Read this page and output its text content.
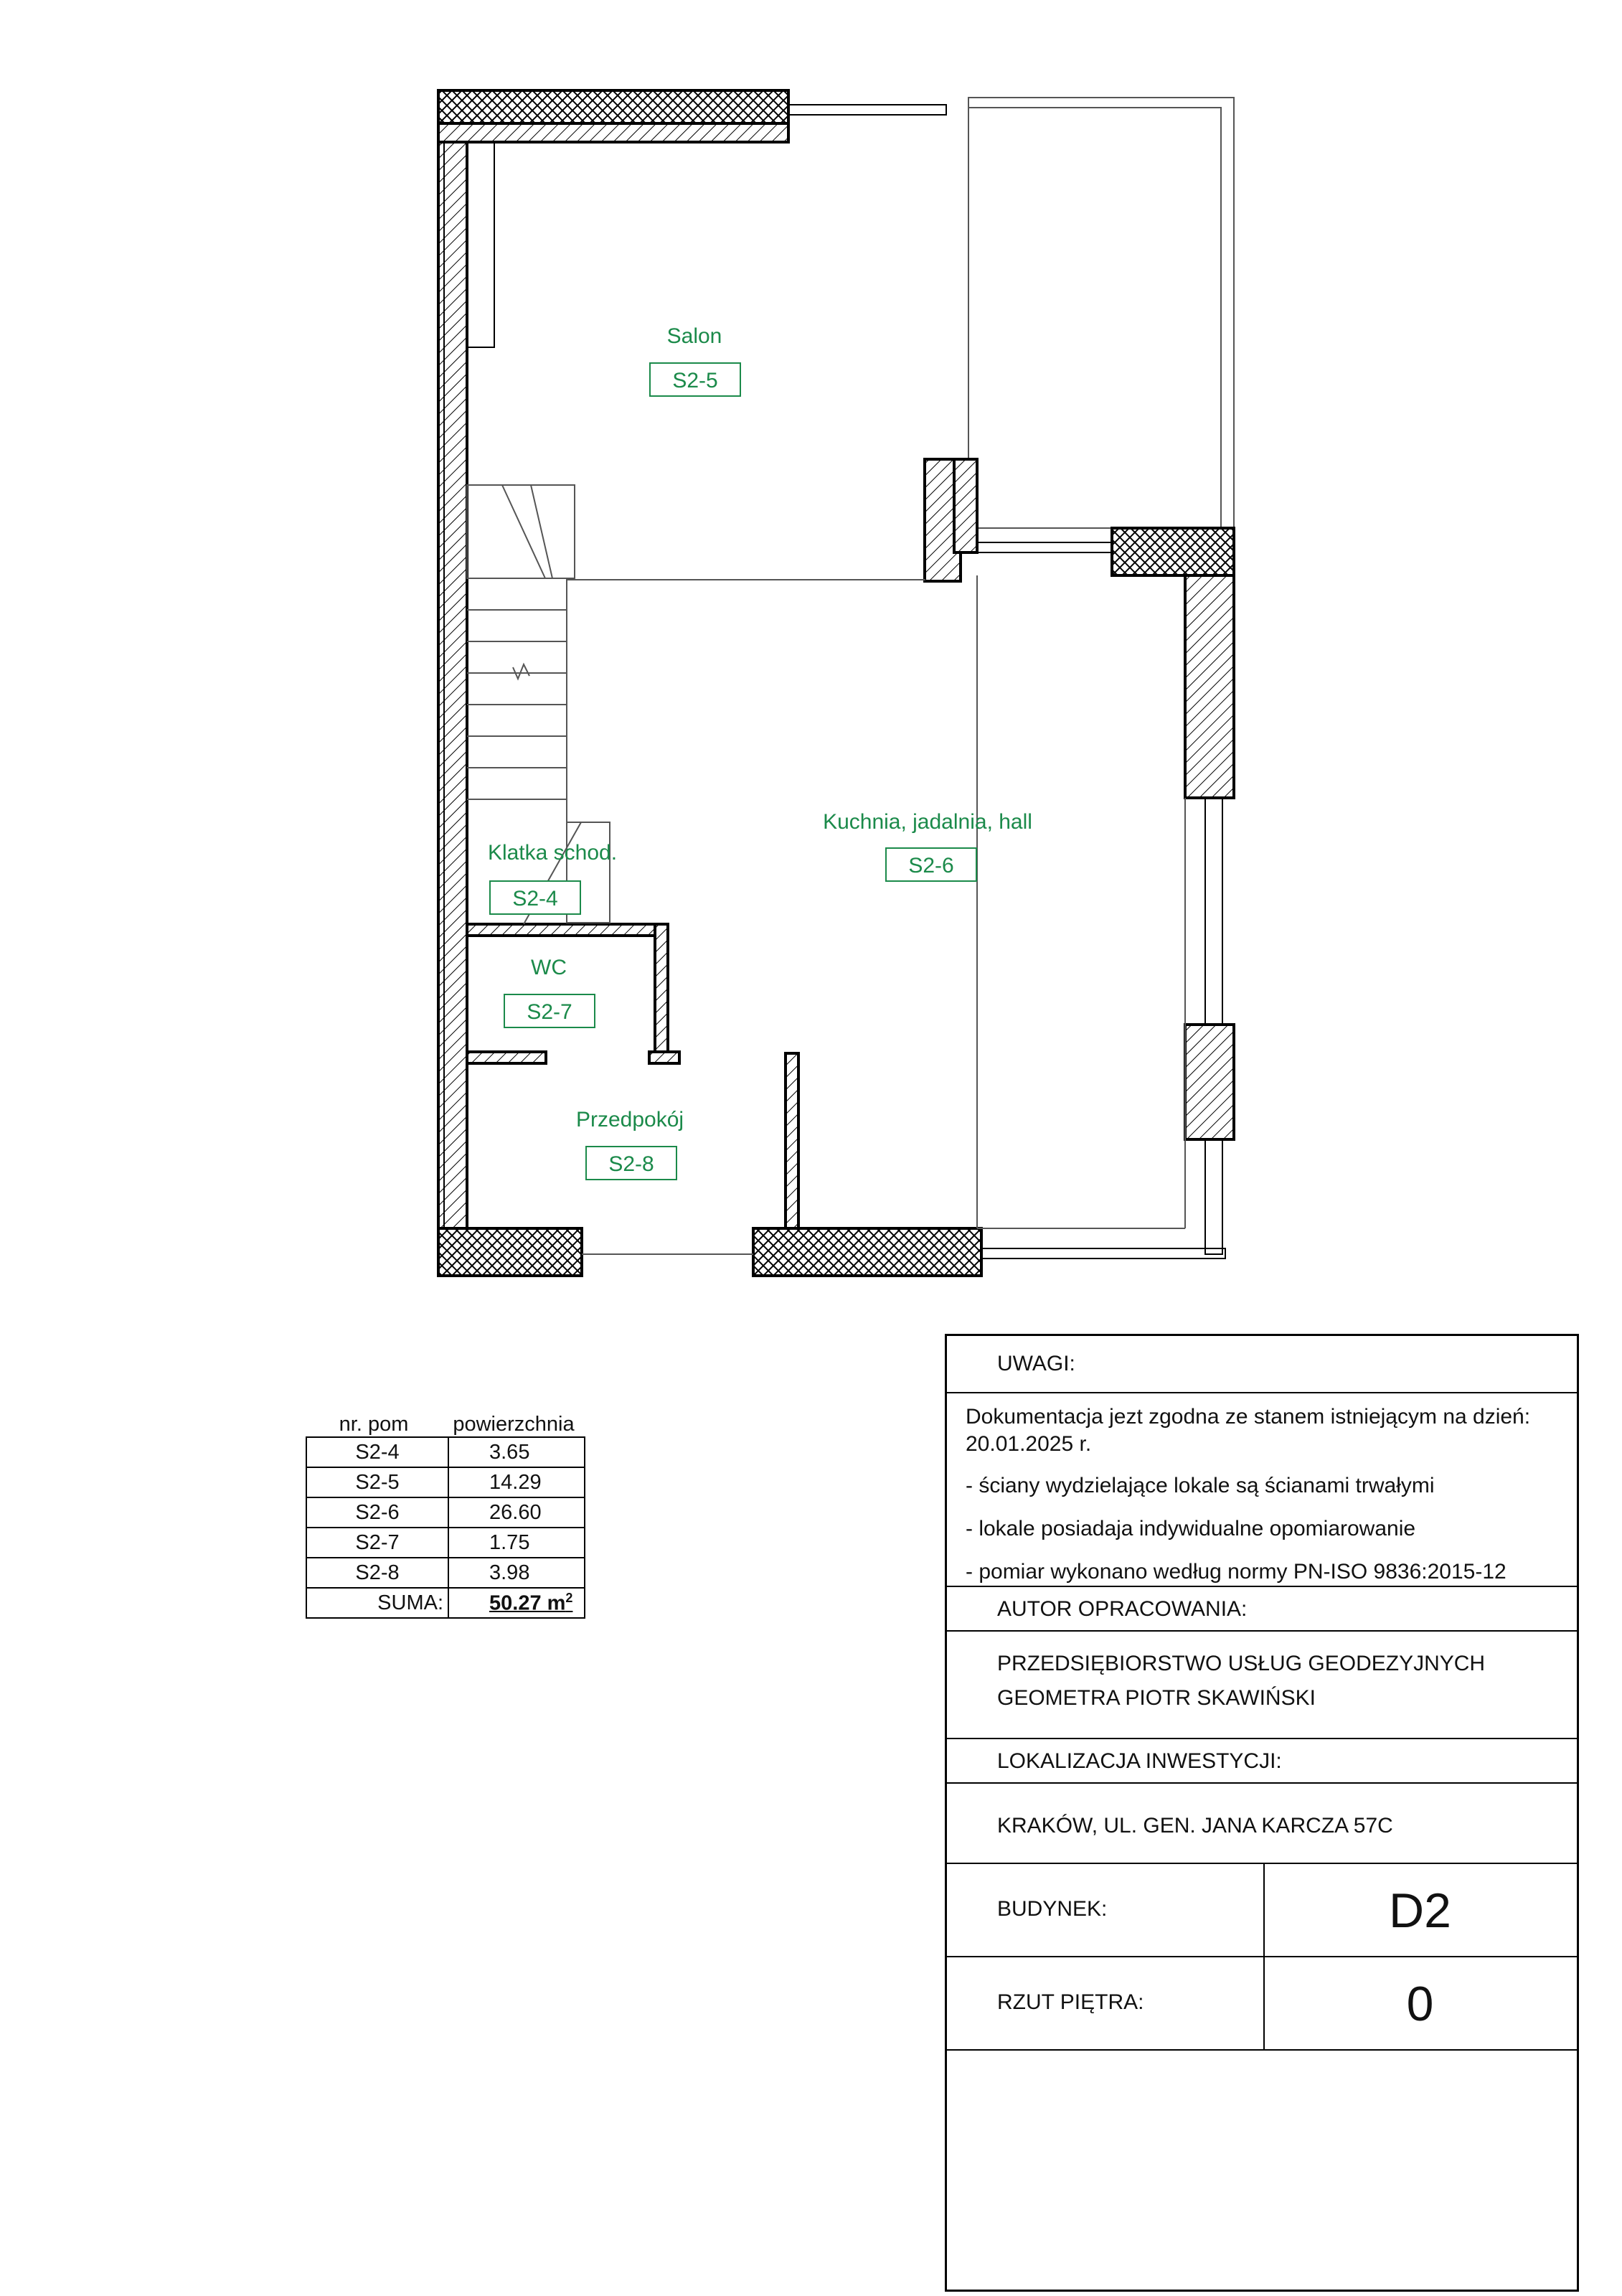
Salon
S2-5
Kuchnia, jadalnia, hall
S2-6
Klatka schod.
S2-4
WC
S2-7
Przedpokój
S2-8
nr. pom	powierzchnia
S2-4	3.65
S2-5	14.29
S2-6	26.60
S2-7	1.75
S2-8	3.98
SUMA:	50.27 $m^2$
UWAGI:

Dokumentacja jezt zgodna ze stanem istniejącym na dzień: 20.01.2025 r.

- ściany wydzielające lokale są ścianami trwałymi

- lokale posiadaja indywidualne opomiarowanie

- pomiar wykonano według normy PN-ISO 9836:2015-12

AUTOR OPRACOWANIA:
PRZEDSIĘBIORSTWO USŁUG GEODEZYJNYCH
GEOMETRA PIOTR SKAWIŃSKI
LOKALIZACJA INWESTYCJI:
KRAKÓW, UL. GEN. JANA KARCZA 57C
BUDYNEK:	D2
RZUT PIĘTRA:	0
